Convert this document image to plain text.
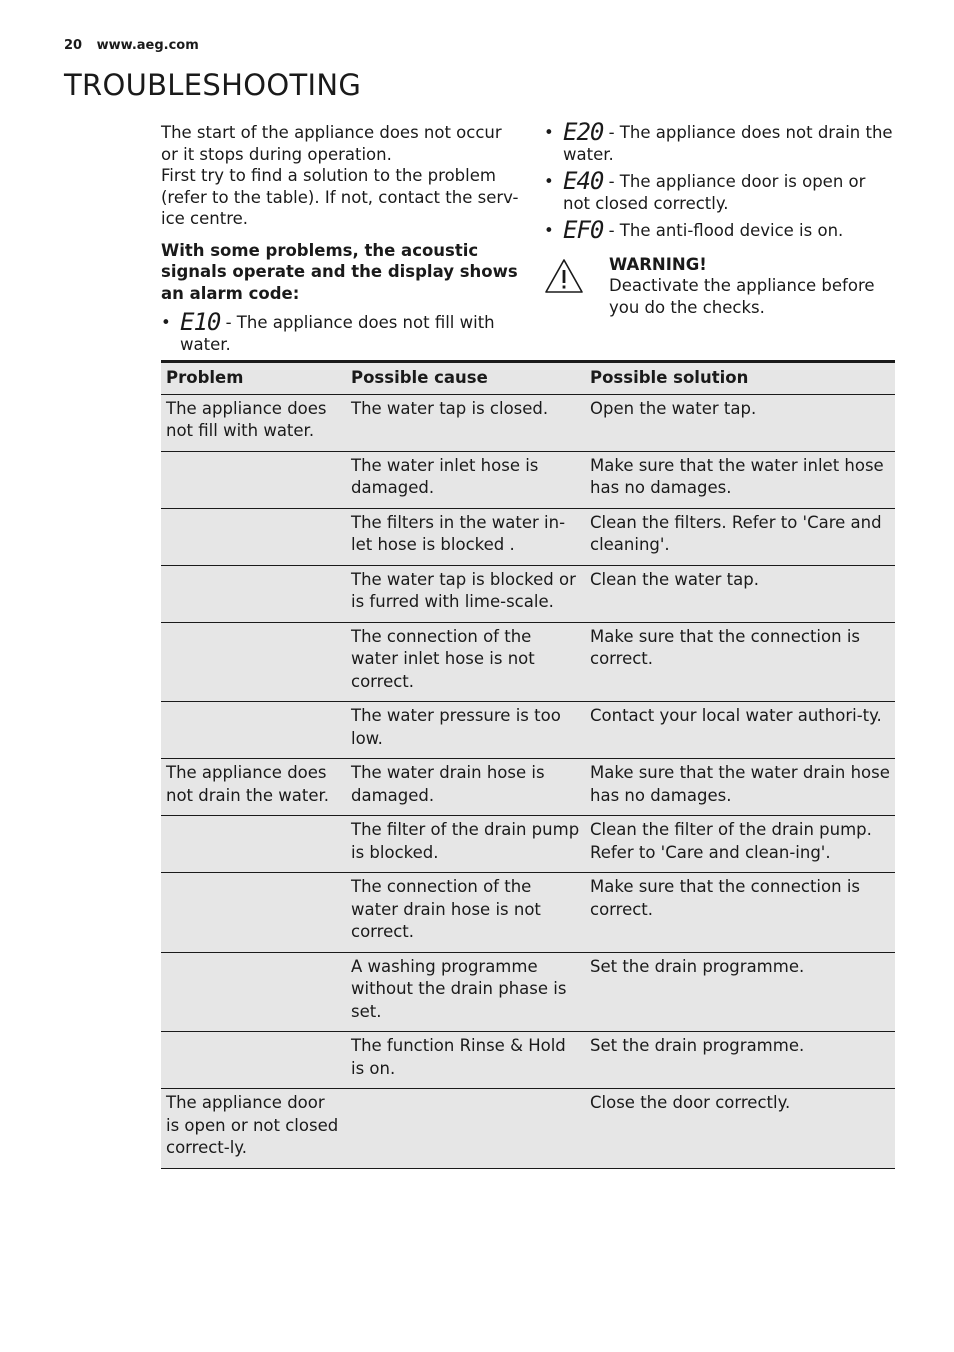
20 www.aeg.com
TROUBLESHOOTING

The start of the appliance does not occur or it stops during operation.

First try to find a solution to the problem (refer to the table). If not, contact the serv-ice centre.

With some problems, the acoustic signals operate and the display shows an alarm code:

• E10 - The appliance does not fill with water.
• E20 - The appliance does not drain the water.
• E40 - The appliance door is open or not closed correctly.
• EF0 - The anti-flood device is on.
WARNING!
Deactivate the appliance before you do the checks.
Problem	Possible cause	Possible solution
The appliance does not fill with water.	The water tap is closed.	Open the water tap.
	The water inlet hose is damaged.	Make sure that the water inlet hose has no damages.
	The filters in the water in-let hose is blocked .	Clean the filters. Refer to 'Care and cleaning'.
	The water tap is blocked or is furred with lime-scale.	Clean the water tap.
	The connection of the water inlet hose is not correct.	Make sure that the connection is correct.
	The water pressure is too low.	Contact your local water authori-ty.
The appliance does not drain the water.	The water drain hose is damaged.	Make sure that the water drain hose has no damages.
	The filter of the drain pump is blocked.	Clean the filter of the drain pump. Refer to 'Care and clean-ing'.
	The connection of the water drain hose is not correct.	Make sure that the connection is correct.
	A washing programme without the drain phase is set.	Set the drain programme.
	The function Rinse & Hold is on.	Set the drain programme.
The appliance door is open or not closed correct-ly.		Close the door correctly.
